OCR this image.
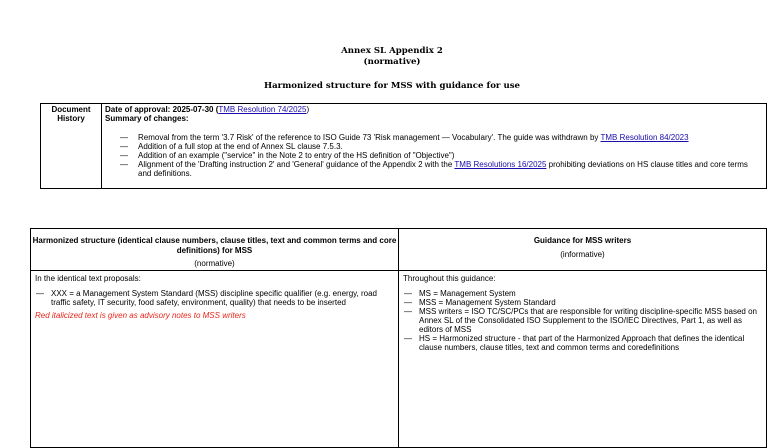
Annex SL Appendix 2
(normative)
Harmonized structure for MSS with guidance for use
Document History
Date of approval: 2025-07-30 (TMB Resolution 74/2025)
Summary of changes:
— Removal from the term '3.7 Risk' of the reference to ISO Guide 73 'Risk management — Vocabulary'. The guide was withdrawn by TMB Resolution 84/2023
— Addition of a full stop at the end of Annex SL clause 7.5.3.
— Addition of an example ("service" in the Note 2 to entry of the HS definition of "Objective")
— Alignment of the 'Drafting instruction 2' and 'General' guidance of the Appendix 2 with the TMB Resolutions 16/2025 prohibiting deviations on HS clause titles and core terms and definitions.
Harmonized structure (identical clause numbers, clause titles, text and common terms and core definitions) for MSS
(normative)
In the identical text proposals:
— XXX = a Management System Standard (MSS) discipline specific qualifier (e.g. energy, road traffic safety, IT security, food safety, environment, quality) that needs to be inserted
Red italicized text is given as advisory notes to MSS writers
Guidance for MSS writers
(informative)
Throughout this guidance:
— MS = Management System
— MSS = Management System Standard
— MSS writers = ISO TC/SC/PCs that are responsible for writing discipline-specific MSS based on Annex SL of the Consolidated ISO Supplement to the ISO/IEC Directives, Part 1, as well as editors of MSS
— HS = Harmonized structure - that part of the Harmonized Approach that defines the identical clause numbers, clause titles, text and common terms and coredefinitions
